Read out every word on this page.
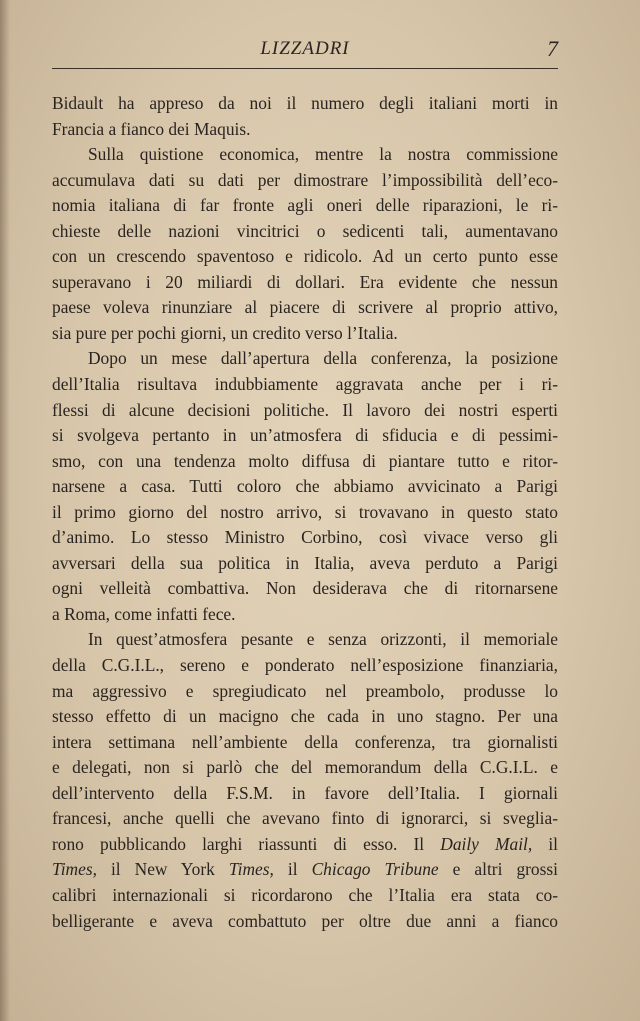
LIZZADRI	7
Bidault ha appreso da noi il numero degli italiani morti in
Francia a fianco dei Maquis.
Sulla quistione economica, mentre la nostra commissione
accumulava dati su dati per dimostrare l’impossibilità dell’eco-
nomia italiana di far fronte agli oneri delle riparazioni, le ri-
chieste delle nazioni vincitrici o sedicenti tali, aumentavano
con un crescendo spaventoso e ridicolo. Ad un certo punto esse
superavano i 20 miliardi di dollari. Era evidente che nessun
paese voleva rinunziare al piacere di scrivere al proprio attivo,
sia pure per pochi giorni, un credito verso l’Italia.
Dopo un mese dall’apertura della conferenza, la posizione
dell’Italia risultava indubbiamente aggravata anche per i ri-
flessi di alcune decisioni politiche. Il lavoro dei nostri esperti
si svolgeva pertanto in un’atmosfera di sfiducia e di pessimi-
smo, con una tendenza molto diffusa di piantare tutto e ritor-
narsene a casa. Tutti coloro che abbiamo avvicinato a Parigi
il primo giorno del nostro arrivo, si trovavano in questo stato
d’animo. Lo stesso Ministro Corbino, così vivace verso gli
avversari della sua politica in Italia, aveva perduto a Parigi
ogni velleità combattiva. Non desiderava che di ritornarsene
a Roma, come infatti fece.
In quest’atmosfera pesante e senza orizzonti, il memoriale
della C.G.I.L., sereno e ponderato nell’esposizione finanziaria,
ma aggressivo e spregiudicato nel preambolo, produsse lo
stesso effetto di un macigno che cada in uno stagno. Per una
intera settimana nell’ambiente della conferenza, tra giornalisti
e delegati, non si parlò che del memorandum della C.G.I.L. e
dell’intervento della F.S.M. in favore dell’Italia. I giornali
francesi, anche quelli che avevano finto di ignorarci, si sveglia-
rono pubblicando larghi riassunti di esso. Il Daily Mail, il
Times, il New York Times, il Chicago Tribune e altri grossi
calibri internazionali si ricordarono che l’Italia era stata co-
belligerante e aveva combattuto per oltre due anni a fianco
